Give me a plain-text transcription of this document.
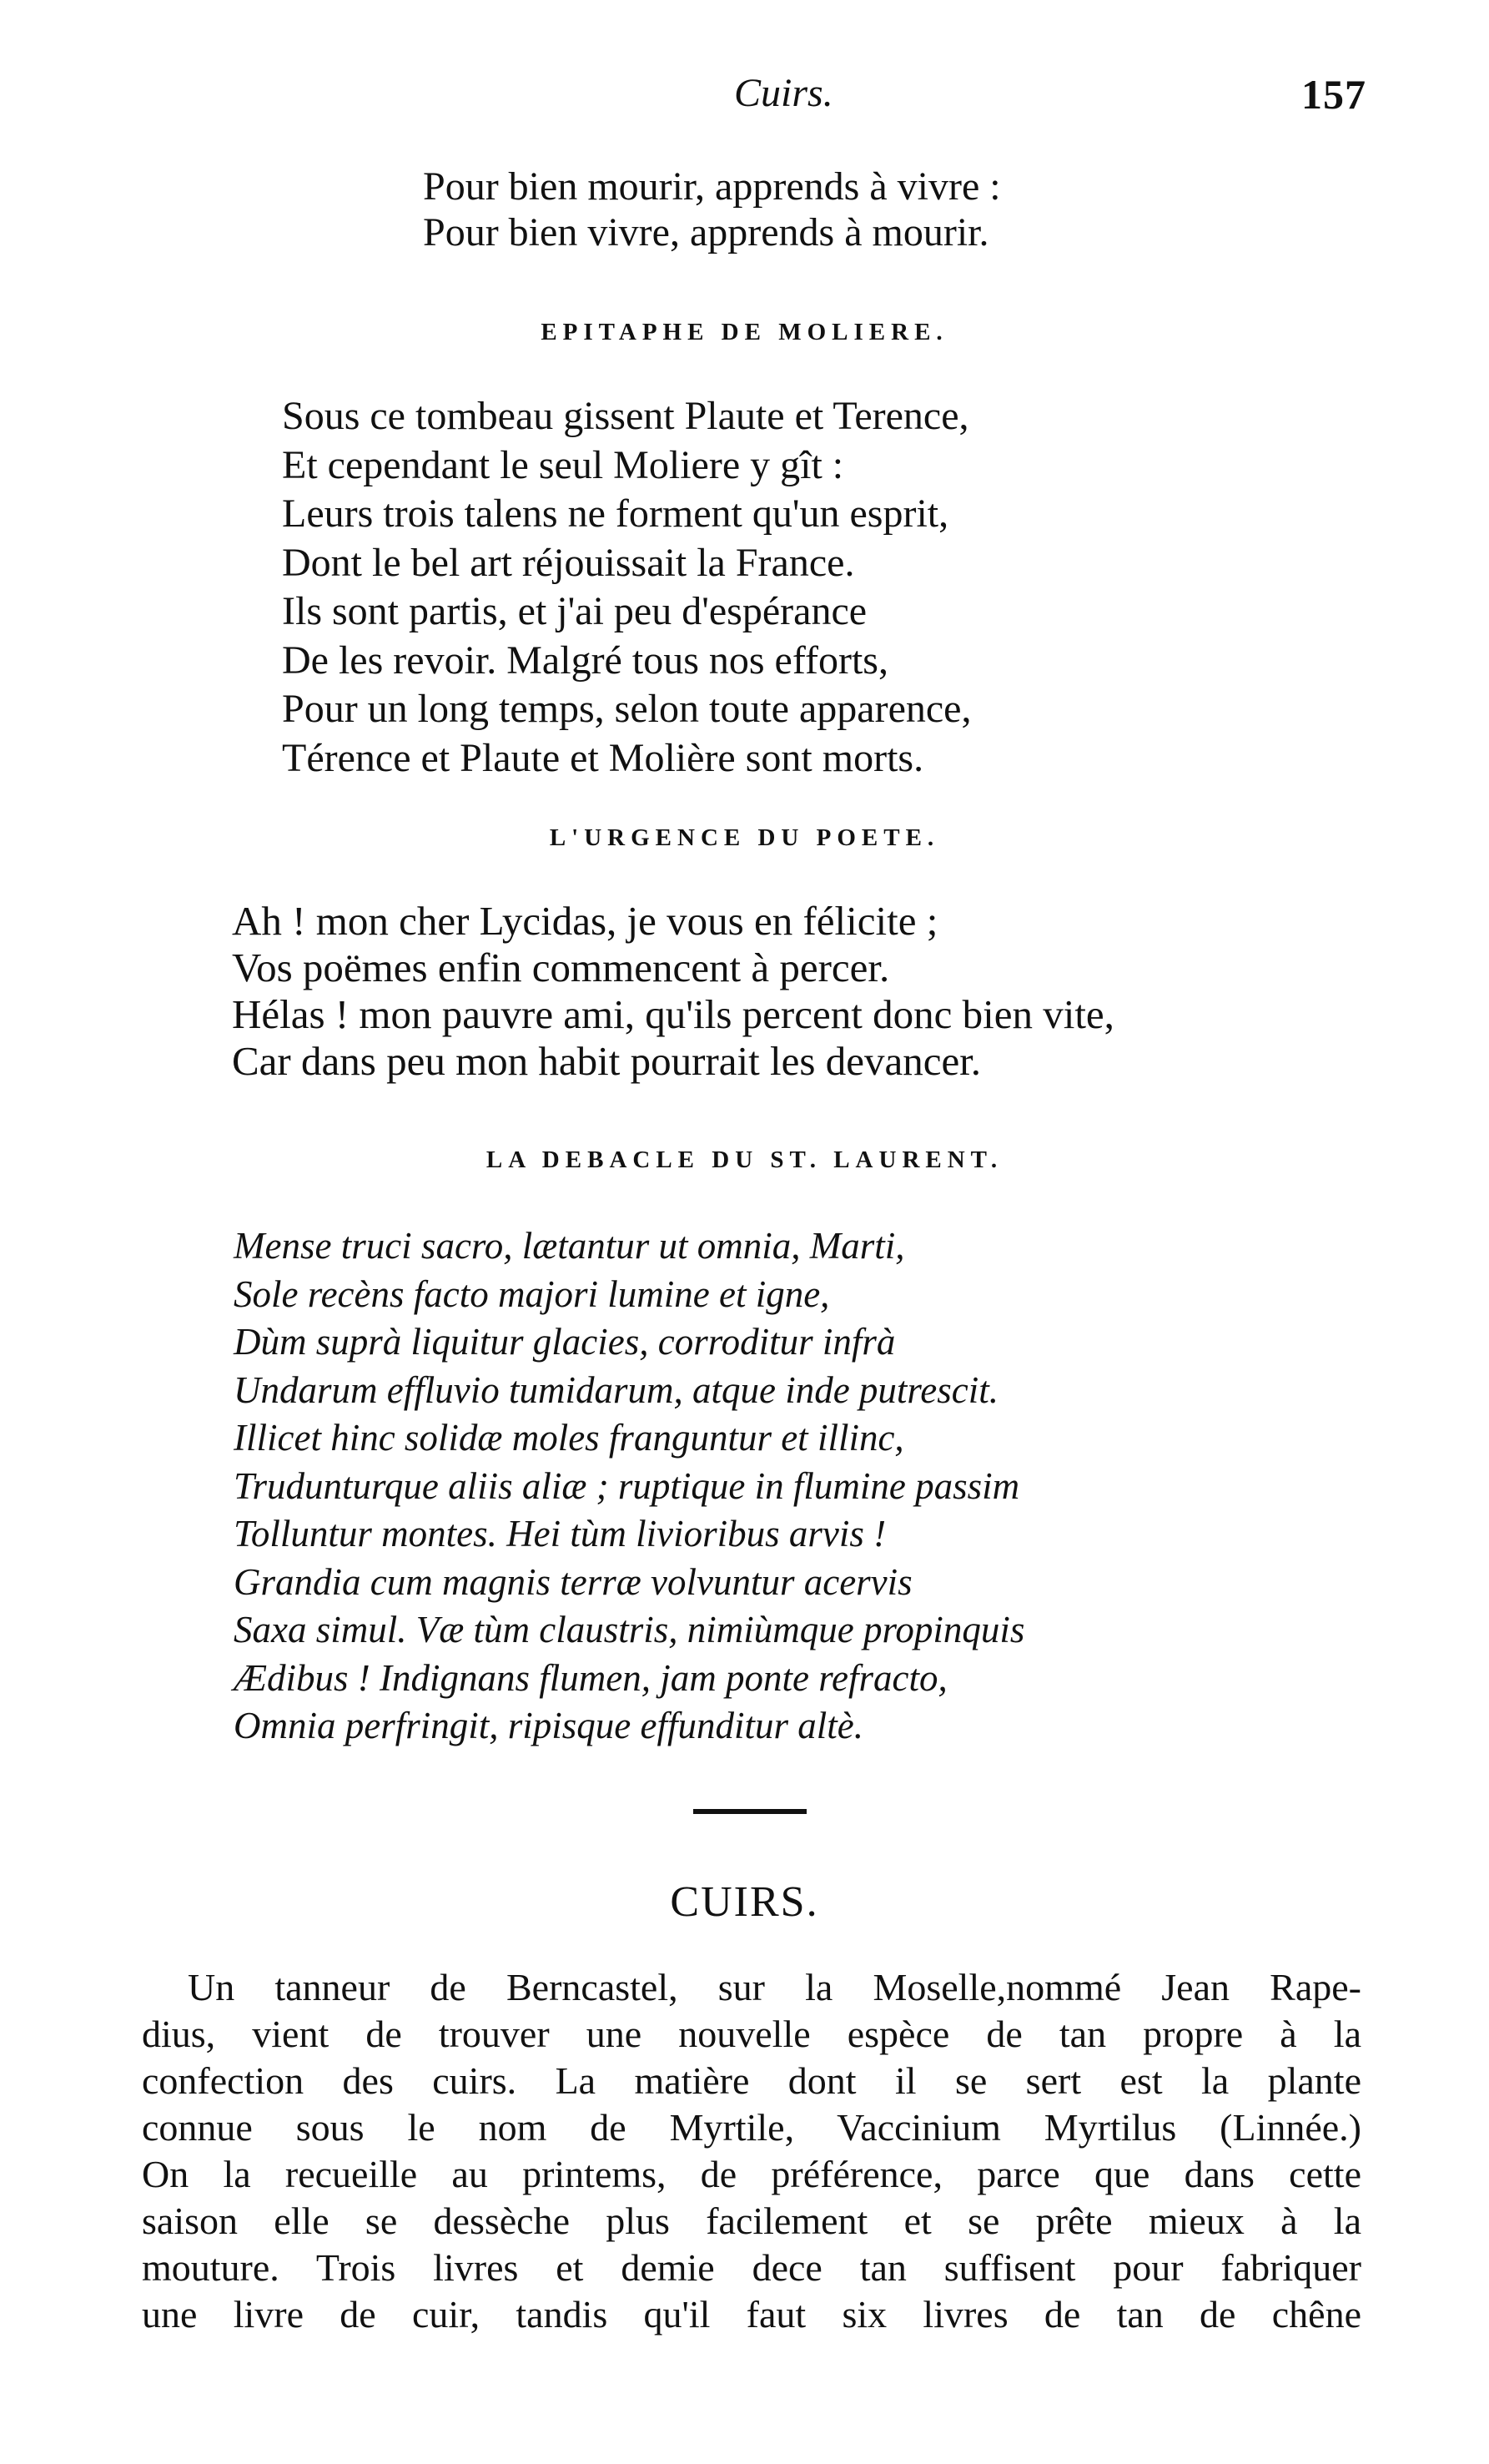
Cuirs.	157
Pour bien mourir, apprends à vivre :
Pour bien vivre, apprends à mourir.
EPITAPHE DE MOLIERE.
Sous ce tombeau gissent Plaute et Terence,
Et cependant le seul Moliere y gît :
Leurs trois talens ne forment qu'un esprit,
Dont le bel art réjouissait la France.
Ils sont partis, et j'ai peu d'espérance
De les revoir. Malgré tous nos efforts,
Pour un long temps, selon toute apparence,
Térence et Plaute et Molière sont morts.
L'URGENCE DU POETE.
Ah ! mon cher Lycidas, je vous en félicite ;
Vos poëmes enfin commencent à percer.
Hélas ! mon pauvre ami, qu'ils percent donc bien vite,
Car dans peu mon habit pourrait les devancer.
LA DEBACLE DU ST. LAURENT.
Mense truci sacro, lætantur ut omnia, Marti,
Sole recèns facto majori lumine et igne,
Dùm suprà liquitur glacies, corroditur infrà
Undarum effluvio tumidarum, atque inde putrescit.
Illicet hinc solidæ moles franguntur et illinc,
Trudunturque aliis aliæ ; ruptique in flumine passim
Tolluntur montes. Hei tùm livioribus arvis !
Grandia cum magnis terræ volvuntur acervis
Saxa simul. Væ tùm claustris, nimiùmque propinquis
Ædibus ! Indignans flumen, jam ponte refracto,
Omnia perfringit, ripisque effunditur altè.
CUIRS.
Un tanneur de Berncastel, sur la Moselle,nommé Jean Rape-
dius, vient de trouver une nouvelle espèce de tan propre à la
confection des cuirs. La matière dont il se sert est la plante
connue sous le nom de Myrtile, Vaccinium Myrtilus (Linnée.)
On la recueille au printems, de préférence, parce que dans cette
saison elle se dessèche plus facilement et se prête mieux à la
mouture. Trois livres et demie dece tan suffisent pour fabriquer
une livre de cuir, tandis qu'il faut six livres de tan de chêne
